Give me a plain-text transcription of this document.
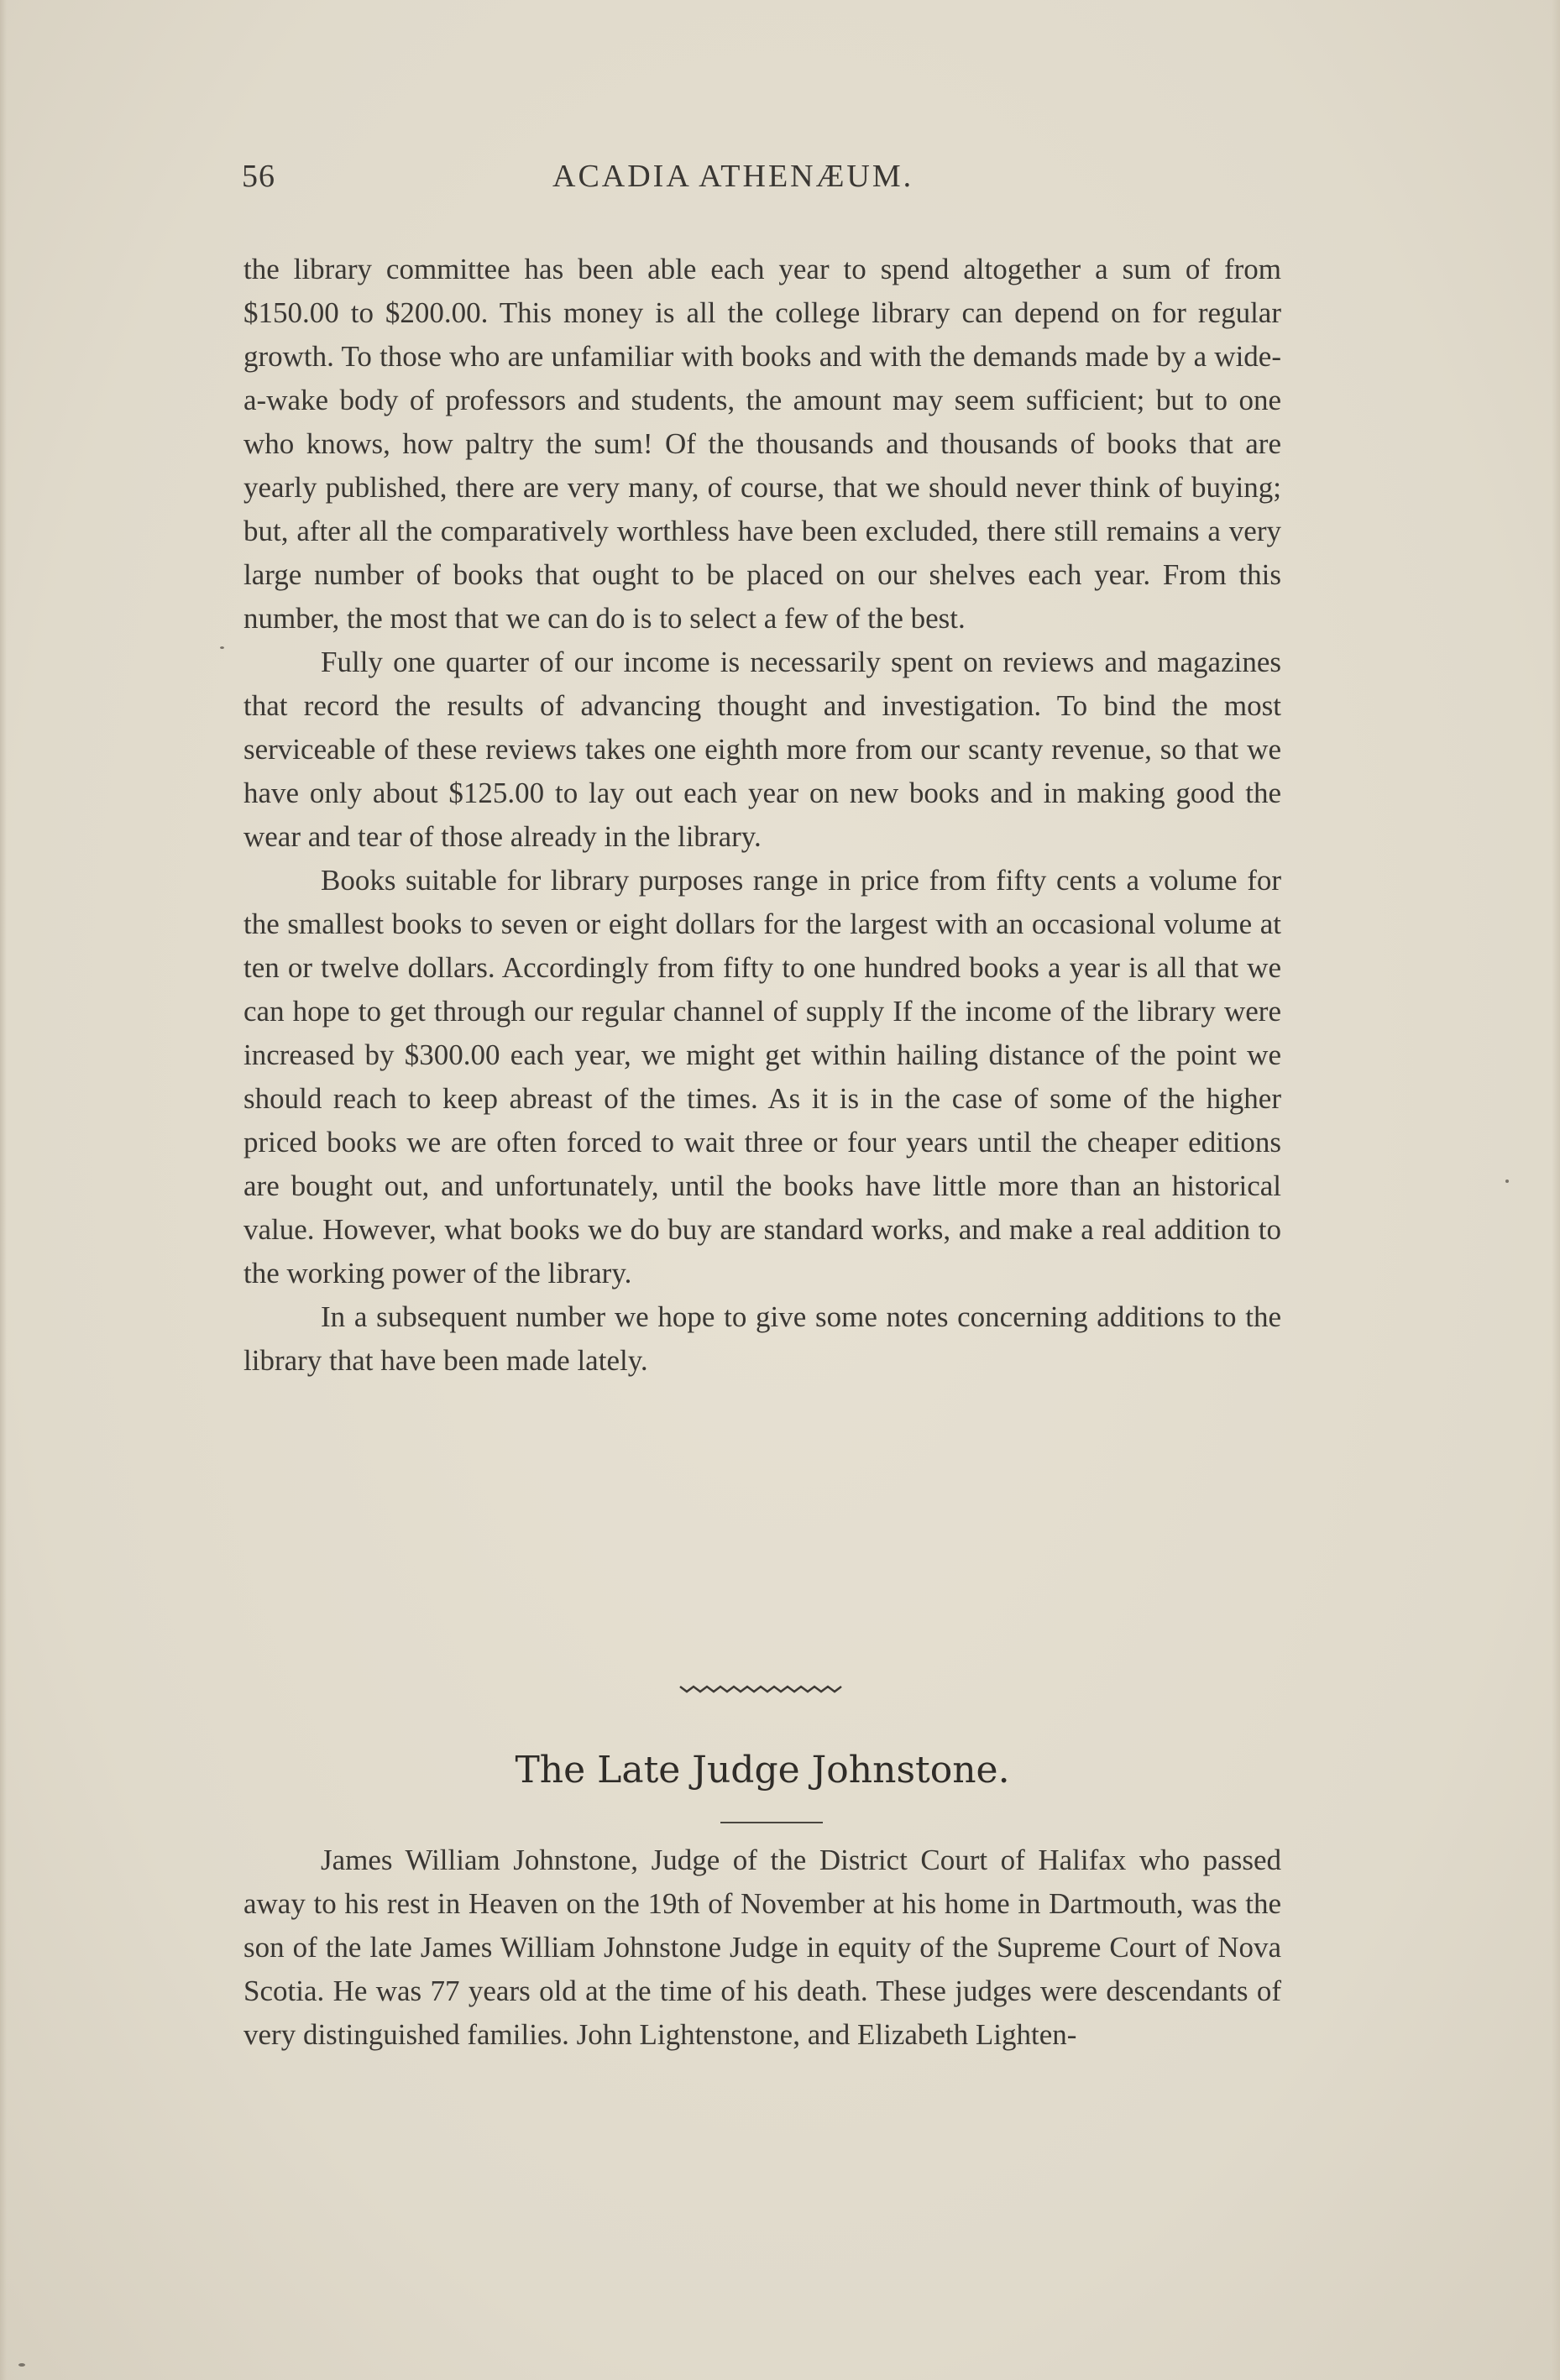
56	ACADIA ATHENÆUM.

the library committee has been able each year to spend altogether a sum of from $150.00 to $200.00. This money is all the college library can depend on for regular growth. To those who are unfamiliar with books and with the demands made by a wide-a-wake body of professors and students, the amount may seem sufficient; but to one who knows, how paltry the sum! Of the thousands and thousands of books that are yearly published, there are very many, of course, that we should never think of buying; but, after all the comparatively worthless have been excluded, there still remains a very large number of books that ought to be placed on our shelves each year. From this number, the most that we can do is to select a few of the best.

Fully one quarter of our income is necessarily spent on reviews and magazines that record the results of advancing thought and investigation. To bind the most serviceable of these reviews takes one eighth more from our scanty revenue, so that we have only about $125.00 to lay out each year on new books and in making good the wear and tear of those already in the library.

Books suitable for library purposes range in price from fifty cents a volume for the smallest books to seven or eight dollars for the largest with an occasional volume at ten or twelve dollars. Accordingly from fifty to one hundred books a year is all that we can hope to get through our regular channel of supply If the income of the library were increased by $300.00 each year, we might get within hailing distance of the point we should reach to keep abreast of the times. As it is in the case of some of the higher priced books we are often forced to wait three or four years until the cheaper editions are bought out, and unfortunately, until the books have little more than an historical value. However, what books we do buy are standard works, and make a real addition to the working power of the library.

In a subsequent number we hope to give some notes concerning additions to the library that have been made lately.

The Late Judge Johnstone.

James William Johnstone, Judge of the District Court of Halifax who passed away to his rest in Heaven on the 19th of November at his home in Dartmouth, was the son of the late James William Johnstone Judge in equity of the Supreme Court of Nova Scotia. He was 77 years old at the time of his death. These judges were descendants of very distinguished families. John Lightenstone, and Elizabeth Lighten-
